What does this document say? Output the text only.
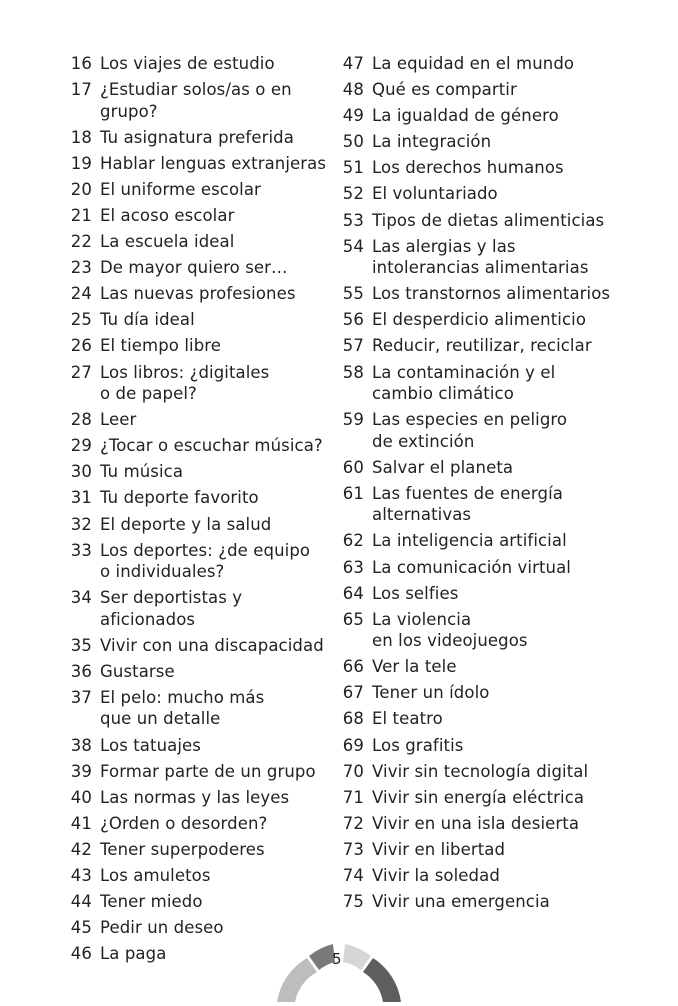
16 Los viajes de estudio
17 ¿Estudiar solos/as o en grupo?
18 Tu asignatura preferida
19 Hablar lenguas extranjeras
20 El uniforme escolar
21 El acoso escolar
22 La escuela ideal
23 De mayor quiero ser…
24 Las nuevas profesiones
25 Tu día ideal
26 El tiempo libre
27 Los libros: ¿digitales
o de papel?
28 Leer
29 ¿Tocar o escuchar música?
30 Tu música
31 Tu deporte favorito
32 El deporte y la salud
33 Los deportes: ¿de equipo
o individuales?
34 Ser deportistas y aficionados
35 Vivir con una discapacidad
36 Gustarse
37 El pelo: mucho más
que un detalle
38 Los tatuajes
39 Formar parte de un grupo
40 Las normas y las leyes
41 ¿Orden o desorden?
42 Tener superpoderes
43 Los amuletos
44 Tener miedo
45 Pedir un deseo
46 La paga
47 La equidad en el mundo
48 Qué es compartir
49 La igualdad de género
50 La integración
51 Los derechos humanos
52 El voluntariado
53 Tipos de dietas alimenticias
54 Las alergias y las
intolerancias alimentarias
55 Los transtornos alimentarios
56 El desperdicio alimenticio
57 Reducir, reutilizar, reciclar
58 La contaminación y el
cambio climático
59 Las especies en peligro
de extinción
60 Salvar el planeta
61 Las fuentes de energía
alternativas
62 La inteligencia artificial
63 La comunicación virtual
64 Los selfies
65 La violencia
en los videojuegos
66 Ver la tele
67 Tener un ídolo
68 El teatro
69 Los grafitis
70 Vivir sin tecnología digital
71 Vivir sin energía eléctrica
72 Vivir en una isla desierta
73 Vivir en libertad
74 Vivir la soledad
75 Vivir una emergencia
5
